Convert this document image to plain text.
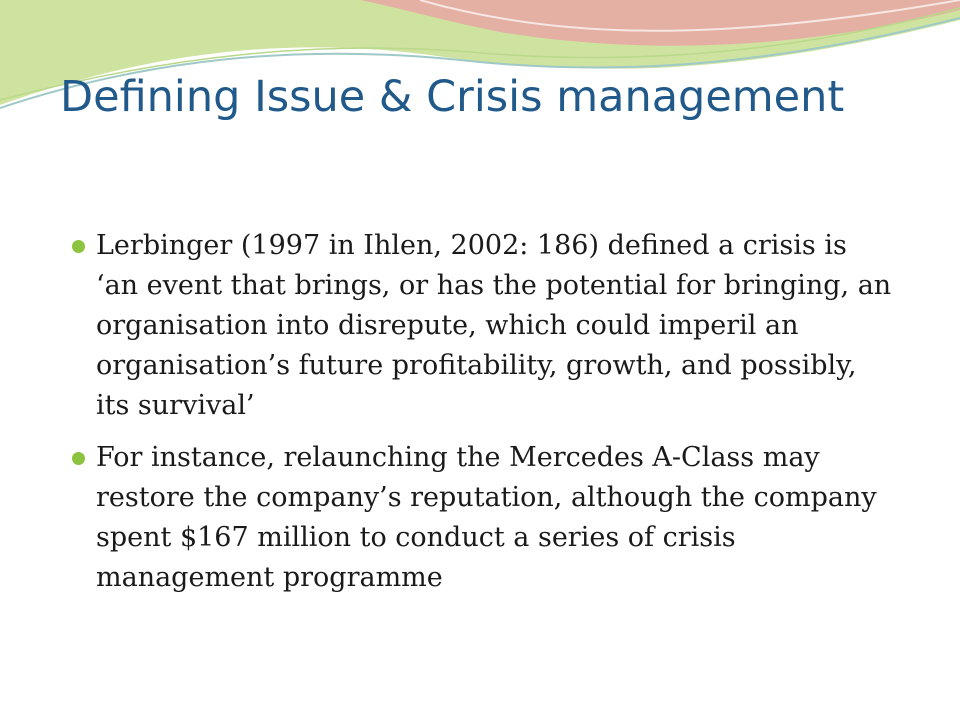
Defining Issue & Crisis management
Lerbinger (1997 in Ihlen, 2002: 186) defined a crisis is ‘an event that brings, or has the potential for bringing, an organisation into disrepute, which could imperil an organisation’s future profitability, growth, and possibly, its survival’
For instance, relaunching the Mercedes A-Class may restore the company’s reputation, although the company spent $167 million to conduct a series of crisis management programme
